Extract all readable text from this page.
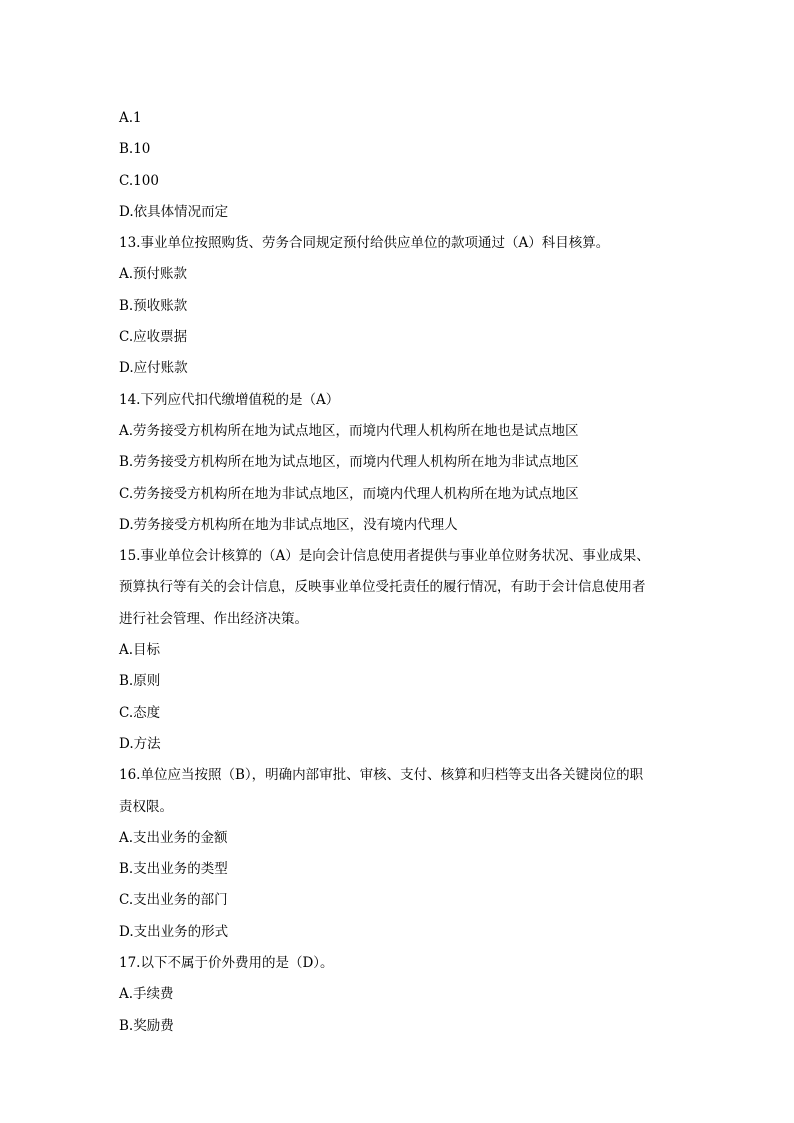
A.1
B.10
C.100
D.依具体情况而定
13.事业单位按照购货、劳务合同规定预付给供应单位的款项通过（A）科目核算。
A.预付账款
B.预收账款
C.应收票据
D.应付账款
14.下列应代扣代缴增值税的是（A）
A.劳务接受方机构所在地为试点地区，而境内代理人机构所在地也是试点地区
B.劳务接受方机构所在地为试点地区，而境内代理人机构所在地为非试点地区
C.劳务接受方机构所在地为非试点地区，而境内代理人机构所在地为试点地区
D.劳务接受方机构所在地为非试点地区，没有境内代理人
15.事业单位会计核算的（A）是向会计信息使用者提供与事业单位财务状况、事业成果、
预算执行等有关的会计信息，反映事业单位受托责任的履行情况，有助于会计信息使用者
进行社会管理、作出经济决策。
A.目标
B.原则
C.态度
D.方法
16.单位应当按照（B），明确内部审批、审核、支付、核算和归档等支出各关键岗位的职
责权限。
A.支出业务的金额
B.支出业务的类型
C.支出业务的部门
D.支出业务的形式
17.以下不属于价外费用的是（D）。
A.手续费
B.奖励费
